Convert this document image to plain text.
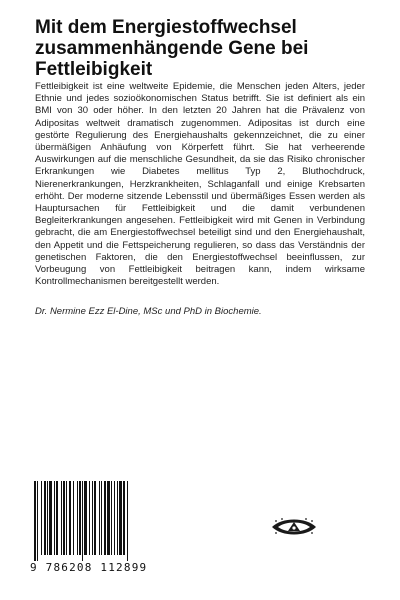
Mit dem Energiestoffwechsel zusammenhängende Gene bei Fettleibigkeit

Fettleibigkeit ist eine weltweite Epidemie, die Menschen jeden Alters, jeder Ethnie und jedes sozioökonomischen Status betrifft. Sie ist definiert als ein BMI von 30 oder höher. In den letzten 20 Jahren hat die Prävalenz von Adipositas weltweit dramatisch zugenommen. Adipositas ist durch eine gestörte Regulierung des Energiehaushalts gekennzeichnet, die zu einer übermäßigen Anhäufung von Körperfett führt. Sie hat verheerende Auswirkungen auf die menschliche Gesundheit, da sie das Risiko chronischer Erkrankungen wie Diabetes mellitus Typ 2, Bluthochdruck, Nierenerkrankungen, Herzkrankheiten, Schlaganfall und einige Krebsarten erhöht. Der moderne sitzende Lebensstil und übermäßiges Essen werden als Hauptursachen für Fettleibigkeit und die damit verbundenen Begleiterkrankungen angesehen. Fettleibigkeit wird mit Genen in Verbindung gebracht, die am Energiestoffwechsel beteiligt sind und den Energiehaushalt, den Appetit und die Fettspeicherung regulieren, so dass das Verständnis der genetischen Faktoren, die den Energiestoffwechsel beeinflussen, zur Vorbeugung von Fettleibigkeit beitragen kann, indem wirksame Kontrollmechanismen bereitgestellt werden.

Dr. Nermine Ezz El-Dine, MSc und PhD in Biochemie.

9 786208 112899
